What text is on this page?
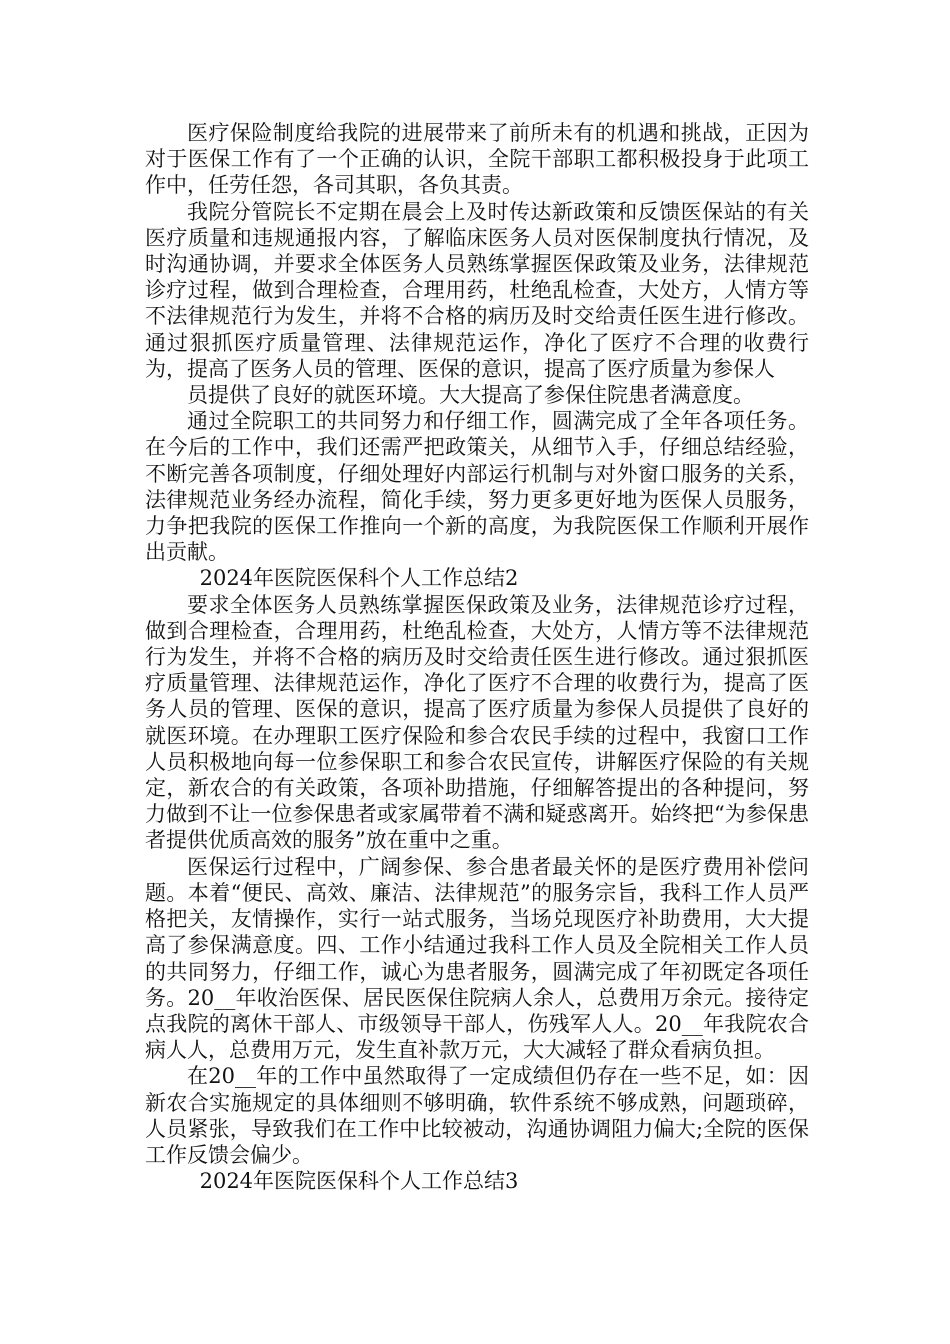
医疗保险制度给我院的进展带来了前所未有的机遇和挑战，正因为对于医保工作有了一个正确的认识，全院干部职工都积极投身于此项工作中，任劳任怨，各司其职，各负其责。

我院分管院长不定期在晨会上及时传达新政策和反馈医保站的有关医疗质量和违规通报内容，了解临床医务人员对医保制度执行情况，及时沟通协调，并要求全体医务人员熟练掌握医保政策及业务，法律规范诊疗过程，做到合理检查，合理用药，杜绝乱检查，大处方，人情方等不法律规范行为发生，并将不合格的病历及时交给责任医生进行修改。通过狠抓医疗质量管理、法律规范运作，净化了医疗不合理的收费行为，提高了医务人员的管理、医保的意识，提高了医疗质量为参保人

员提供了良好的就医环境。大大提高了参保住院患者满意度。

通过全院职工的共同努力和仔细工作，圆满完成了全年各项任务。在今后的工作中，我们还需严把政策关，从细节入手，仔细总结经验，不断完善各项制度，仔细处理好内部运行机制与对外窗口服务的关系，法律规范业务经办流程，简化手续，努力更多更好地为医保人员服务，力争把我院的医保工作推向一个新的高度，为我院医保工作顺利开展作出贡献。

2024年医院医保科个人工作总结2

要求全体医务人员熟练掌握医保政策及业务，法律规范诊疗过程，做到合理检查，合理用药，杜绝乱检查，大处方，人情方等不法律规范行为发生，并将不合格的病历及时交给责任医生进行修改。通过狠抓医疗质量管理、法律规范运作，净化了医疗不合理的收费行为，提高了医务人员的管理、医保的意识，提高了医疗质量为参保人员提供了良好的就医环境。在办理职工医疗保险和参合农民手续的过程中，我窗口工作人员积极地向每一位参保职工和参合农民宣传，讲解医疗保险的有关规定，新农合的有关政策，各项补助措施，仔细解答提出的各种提问，努力做到不让一位参保患者或家属带着不满和疑惑离开。始终把“为参保患者提供优质高效的服务”放在重中之重。

医保运行过程中，广阔参保、参合患者最关怀的是医疗费用补偿问题。本着“便民、高效、廉洁、法律规范”的服务宗旨，我科工作人员严格把关，友情操作，实行一站式服务，当场兑现医疗补助费用，大大提高了参保满意度。四、工作小结通过我科工作人员及全院相关工作人员的共同努力，仔细工作，诚心为患者服务，圆满完成了年初既定各项任务。20__年收治医保、居民医保住院病人余人，总费用万余元。接待定点我院的离休干部人、市级领导干部人，伤残军人人。20__年我院农合病人人，总费用万元，发生直补款万元，大大减轻了群众看病负担。

在20__年的工作中虽然取得了一定成绩但仍存在一些不足，如：因新农合实施规定的具体细则不够明确，软件系统不够成熟，问题琐碎，人员紧张，导致我们在工作中比较被动，沟通协调阻力偏大;全院的医保工作反馈会偏少。

2024年医院医保科个人工作总结3
